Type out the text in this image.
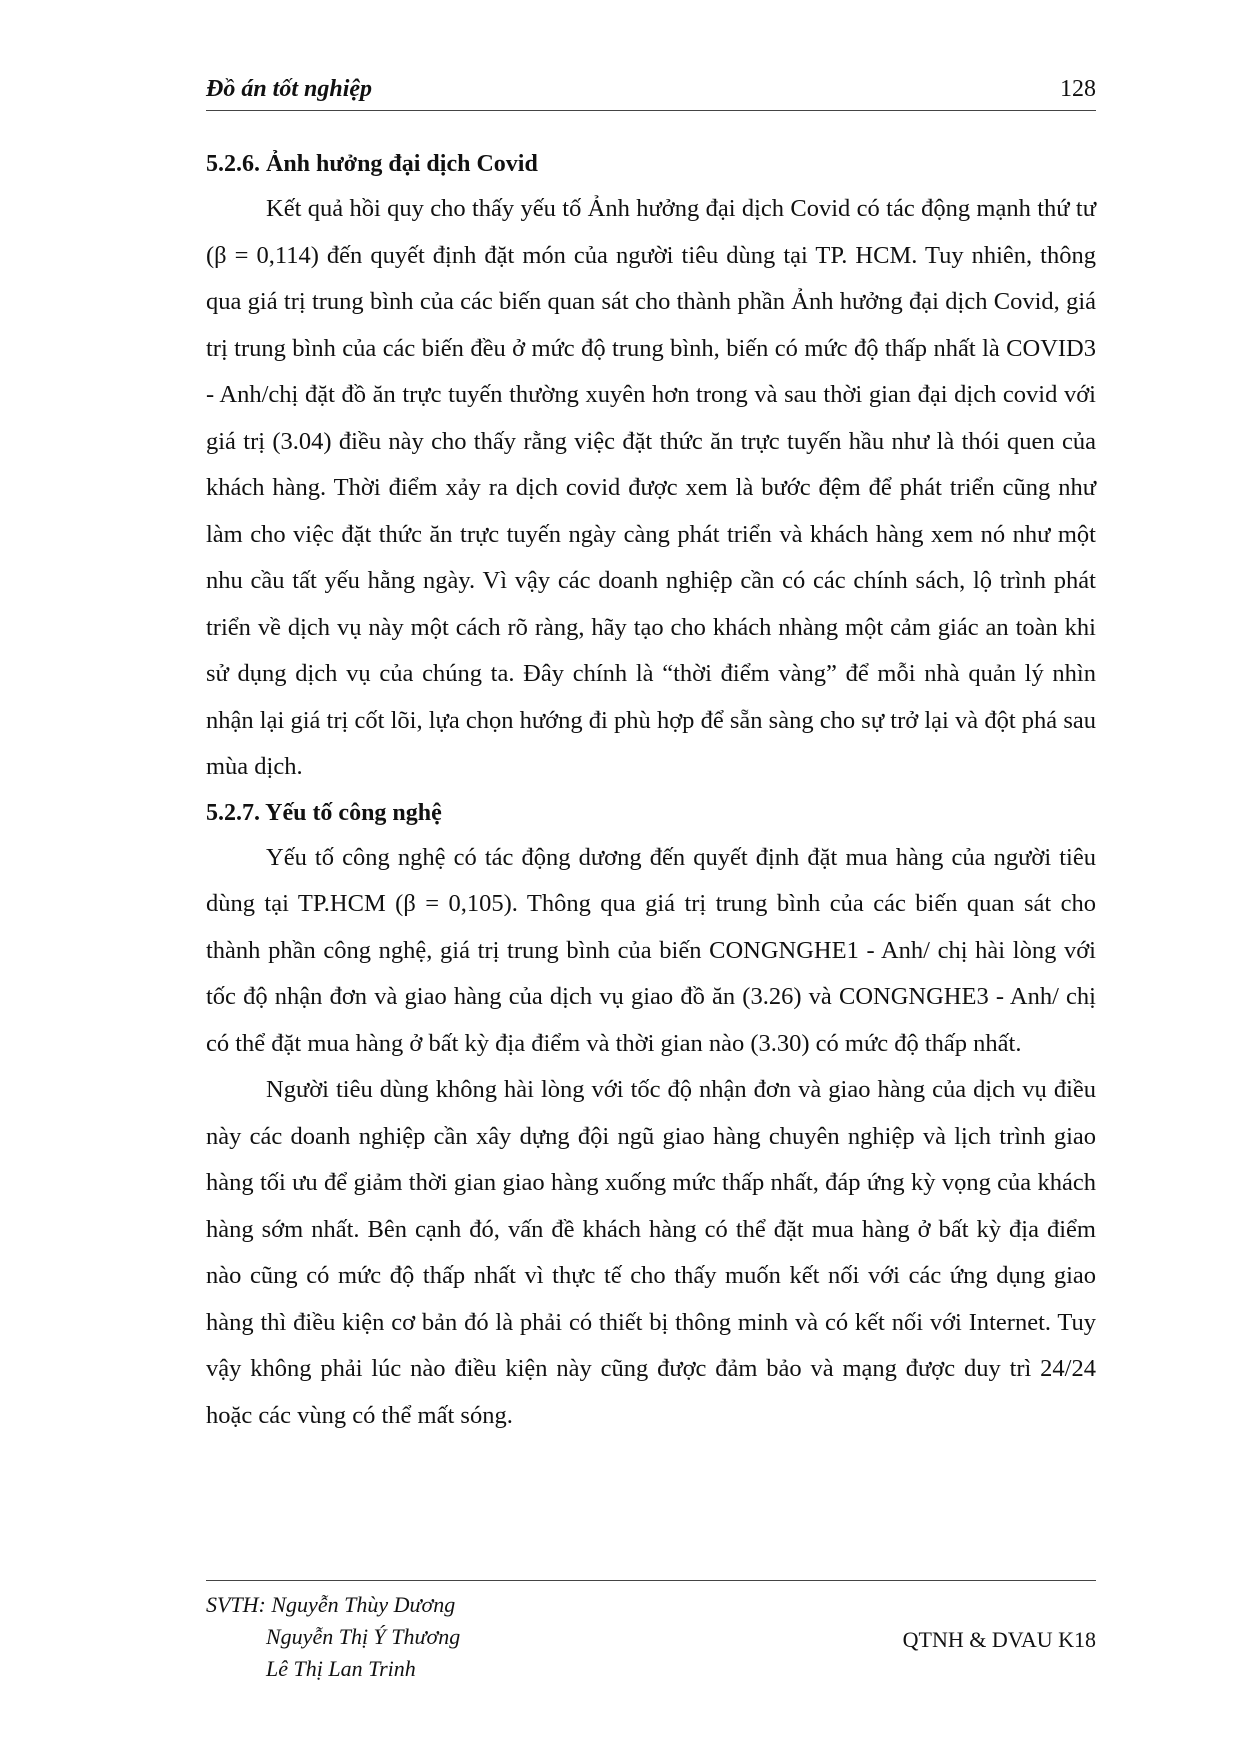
Đồ án tốt nghiệp	128
5.2.6. Ảnh hưởng đại dịch Covid

Kết quả hồi quy cho thấy yếu tố Ảnh hưởng đại dịch Covid có tác động mạnh thứ tư (β = 0,114) đến quyết định đặt món của người tiêu dùng tại TP. HCM. Tuy nhiên, thông qua giá trị trung bình của các biến quan sát cho thành phần Ảnh hưởng đại dịch Covid, giá trị trung bình của các biến đều ở mức độ trung bình, biến có mức độ thấp nhất là COVID3 - Anh/chị đặt đồ ăn trực tuyến thường xuyên hơn trong và sau thời gian đại dịch covid với giá trị (3.04) điều này cho thấy rằng việc đặt thức ăn trực tuyến hầu như là thói quen của khách hàng. Thời điểm xảy ra dịch covid được xem là bước đệm để phát triển cũng như làm cho việc đặt thức ăn trực tuyến ngày càng phát triển và khách hàng xem nó như một nhu cầu tất yếu hằng ngày. Vì vậy các doanh nghiệp cần có các chính sách, lộ trình phát triển về dịch vụ này một cách rõ ràng, hãy tạo cho khách nhàng một cảm giác an toàn khi sử dụng dịch vụ của chúng ta. Đây chính là “thời điểm vàng” để mỗi nhà quản lý nhìn nhận lại giá trị cốt lõi, lựa chọn hướng đi phù hợp để sẵn sàng cho sự trở lại và đột phá sau mùa dịch.

5.2.7. Yếu tố công nghệ

Yếu tố công nghệ có tác động dương đến quyết định đặt mua hàng của người tiêu dùng tại TP.HCM (β = 0,105). Thông qua giá trị trung bình của các biến quan sát cho thành phần công nghệ, giá trị trung bình của biến CONGNGHE1 - Anh/ chị hài lòng với tốc độ nhận đơn và giao hàng của dịch vụ giao đồ ăn (3.26) và CONGNGHE3 - Anh/ chị có thể đặt mua hàng ở bất kỳ địa điểm và thời gian nào (3.30) có mức độ thấp nhất.

Người tiêu dùng không hài lòng với tốc độ nhận đơn và giao hàng của dịch vụ điều này các doanh nghiệp cần xây dựng đội ngũ giao hàng chuyên nghiệp và lịch trình giao hàng tối ưu để giảm thời gian giao hàng xuống mức thấp nhất, đáp ứng kỳ vọng của khách hàng sớm nhất. Bên cạnh đó, vấn đề khách hàng có thể đặt mua hàng ở bất kỳ địa điểm nào cũng có mức độ thấp nhất vì thực tế cho thấy muốn kết nối với các ứng dụng giao hàng thì điều kiện cơ bản đó là phải có thiết bị thông minh và có kết nối với Internet. Tuy vậy không phải lúc nào điều kiện này cũng được đảm bảo và mạng được duy trì 24/24 hoặc các vùng có thể mất sóng.

SVTH: Nguyễn Thùy Dương
Nguyễn Thị Ý Thương
Lê Thị Lan Trinh
QTNH & DVAU K18
